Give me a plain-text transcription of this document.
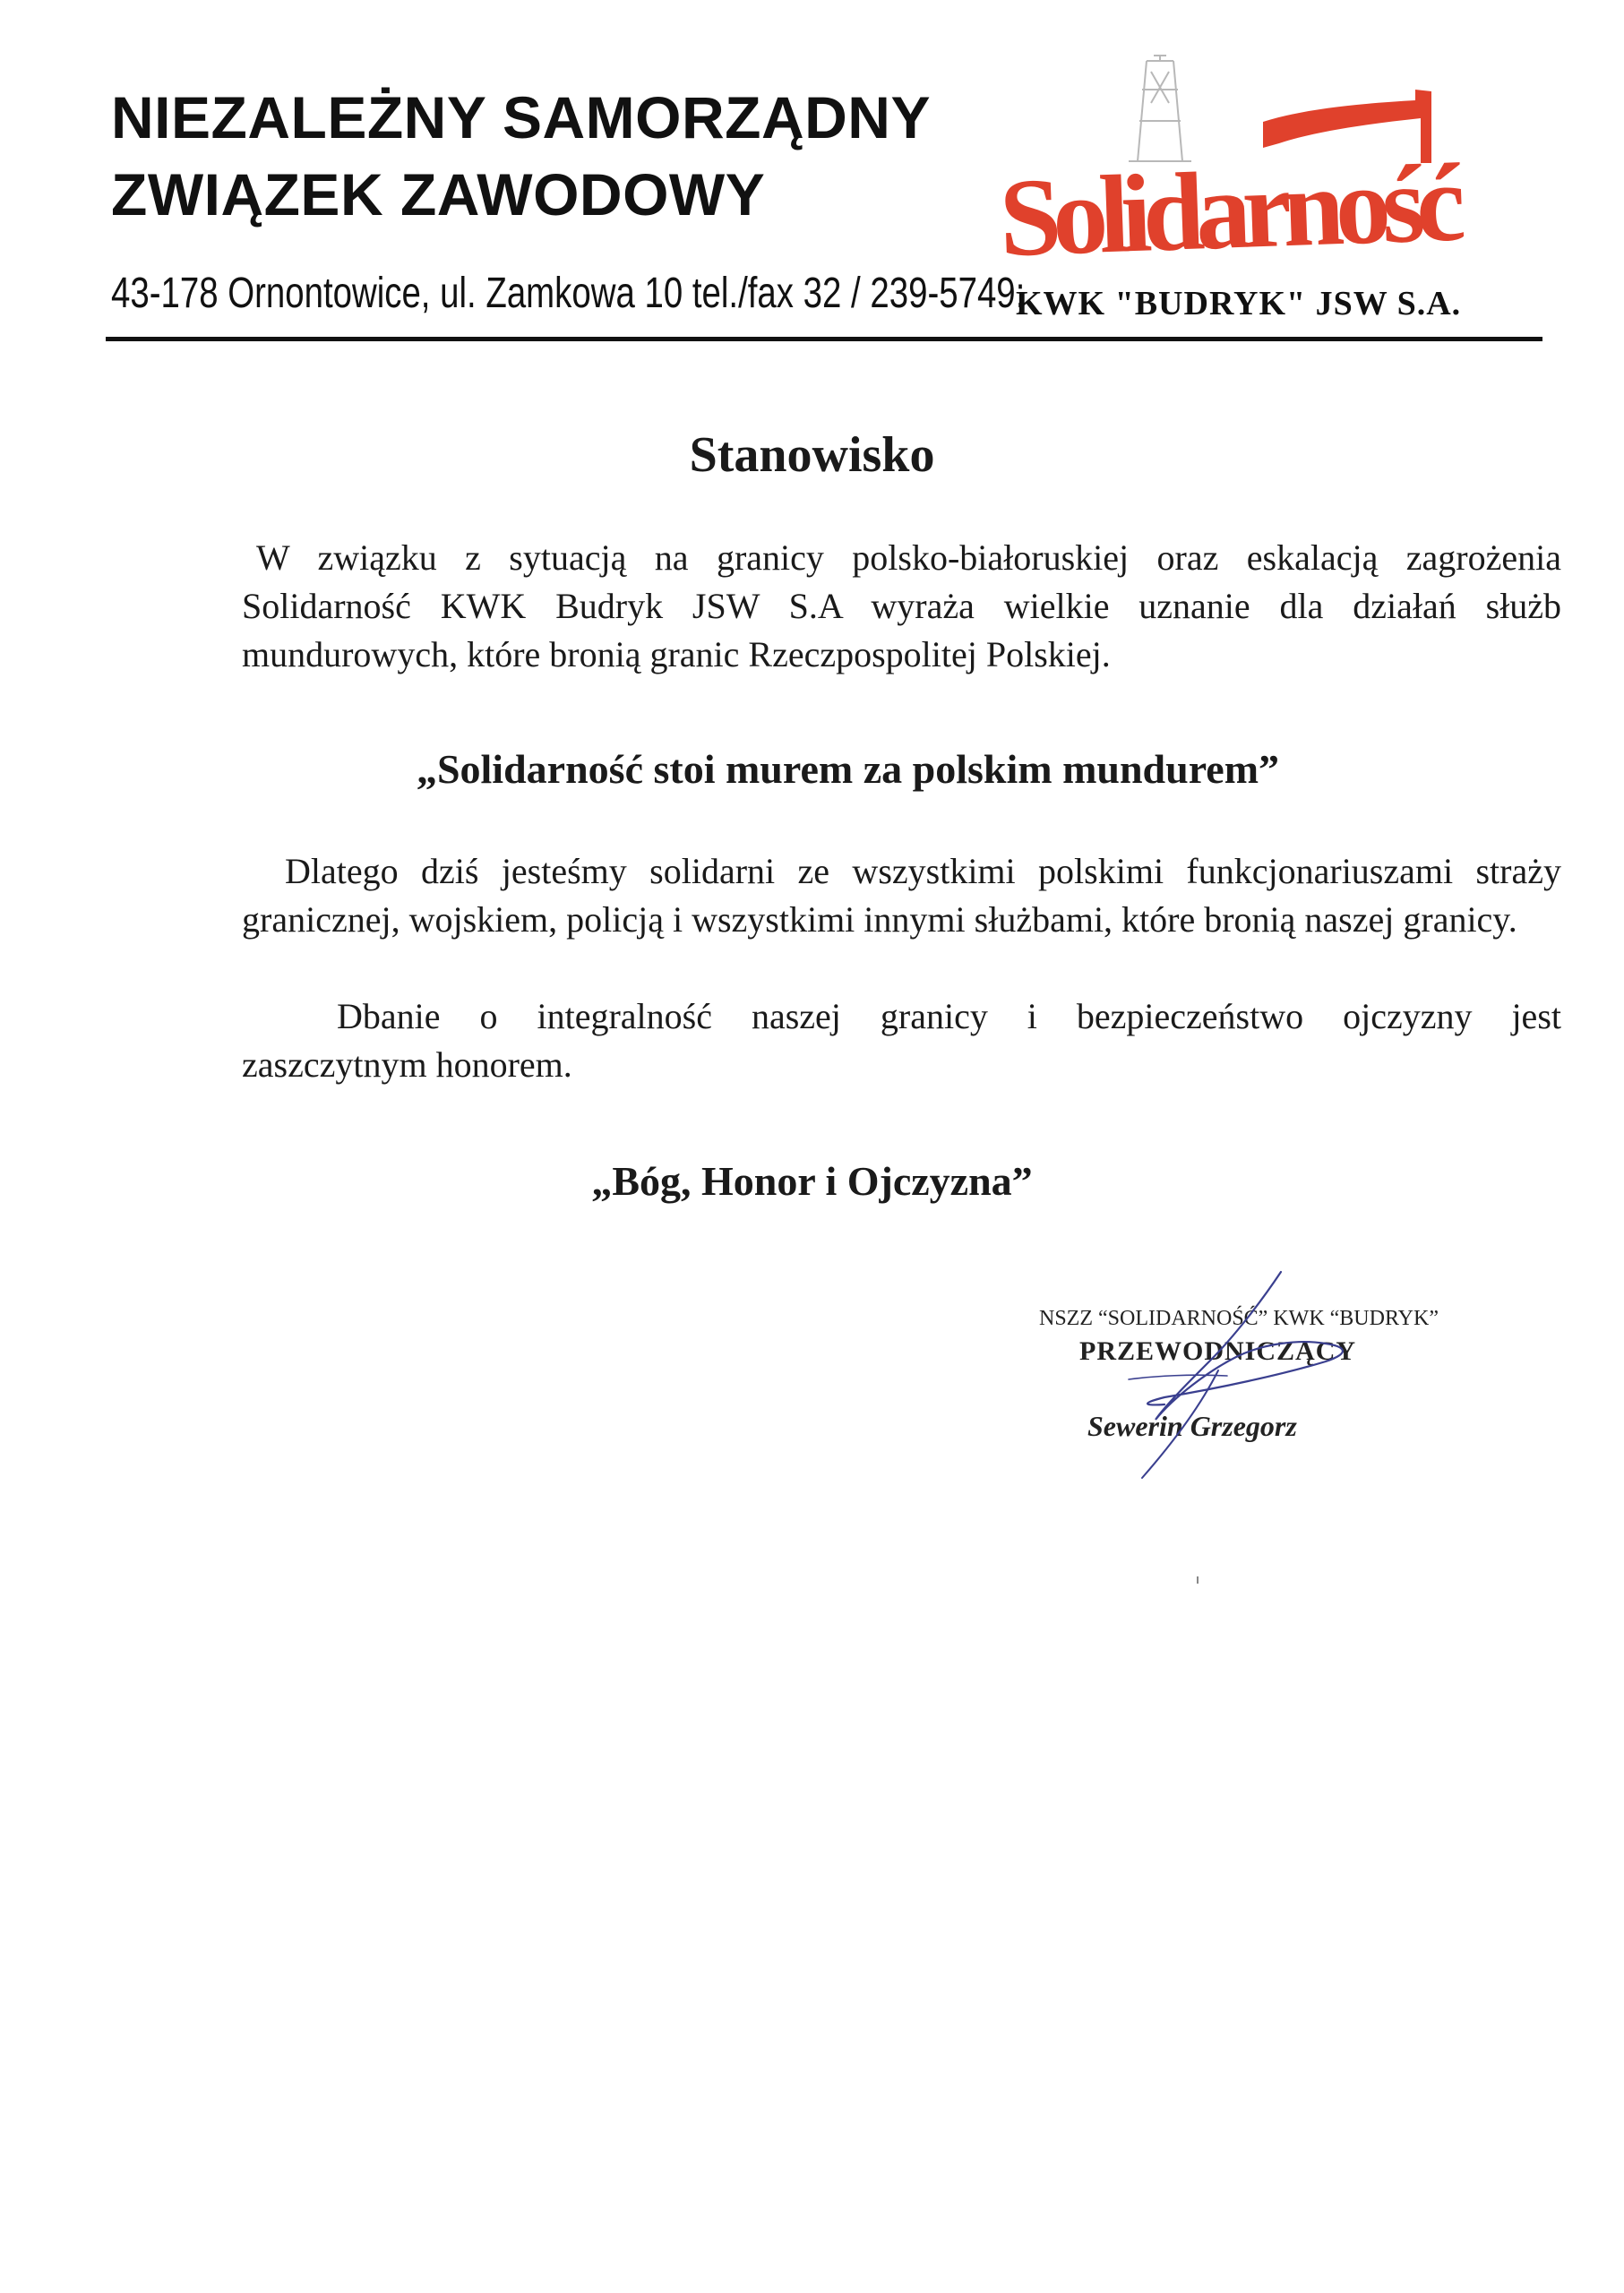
NIEZALEŻNY SAMORZĄDNY
ZWIĄZEK ZAWODOWY Solidarność
43-178 Ornontowice, ul. Zamkowa 10 tel./fax 32 / 239-5749;
KWK "BUDRYK" JSW S.A.
Stanowisko

W związku z sytuacją na granicy polsko-białoruskiej oraz eskalacją zagrożenia Solidarność KWK Budryk JSW S.A wyraża wielkie uznanie dla działań służb mundurowych, które bronią granic Rzeczpospolitej Polskiej.

„Solidarność stoi murem za polskim mundurem”

Dlatego dziś jesteśmy solidarni ze wszystkimi polskimi funkcjonariuszami straży granicznej, wojskiem, policją i wszystkimi innymi służbami, które bronią naszej granicy.

Dbanie o integralność naszej granicy i bezpieczeństwo ojczyzny jest
zaszczytnym honorem.

„Bóg, Honor i Ojczyzna”

NSZZ “SOLIDARNOŚĆ” KWK “BUDRYK”
PRZEWODNICZĄCY
Sewerin Grzegorz
